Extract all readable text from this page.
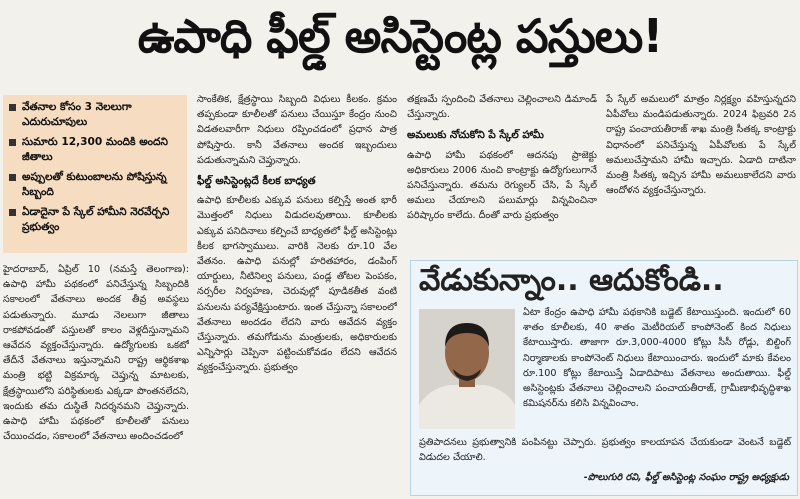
ఉపాధి ఫీల్డ్ అసిస్టెంట్ల పస్తులు!
వేతనాల కోసం 3 నెలలుగా ఎదురుచూపులు
సుమారు 12,300 మందికి అందని జీతాలు
అప్పులతో కుటుంబాలను పోషిస్తున్న సిబ్బంది
ఏడాదైనా పే స్కేల్ హామీని నెరవేర్చని ప్రభుత్వం

హైదరాబాద్, ఏప్రిల్ 10 (నమస్తే తెలంగాణ): ఉపాధి హామీ పథకంలో పనిచేస్తున్న సిబ్బందికి సకాలంలో వేతనాలు అందక తీవ్ర అవస్థలు పడుతున్నారు. మూడు నెలలుగా జీతాలు రాకపోవడంతో పస్తులతో కాలం వెళ్లదీస్తున్నామని ఆవేదన వ్యక్తంచేస్తున్నారు. ఉద్యోగులకు ఒకటో తేదీనే వేతనాలు ఇస్తున్నామని రాష్ట్ర ఆర్థికశాఖ మంత్రి భట్టి విక్రమార్క చెప్తున్న మాటలకు, క్షేత్రస్థాయిలోని పరిస్థితులకు ఎక్కడా పొంతనలేదని, ఇందుకు తమ దుస్థితే నిదర్శనమని చెప్తున్నారు. ఉపాధి హామీ పథకంలో కూలీలతో పనులు చేయించడం, సకాలంలో వేతనాలు అందించడంలో

సాంకేతిక, క్షేత్రస్థాయి సిబ్బంది విధులు కీలకం. క్రమం తప్పకుండా కూలీలతో పనులు చేయిస్తూ కేంద్రం నుంచి విడతలవారీగా నిధులు రప్పించడంలో ప్రధాన పాత్ర పోషిస్తారు. కానీ వేతనాలు అందక ఇబ్బందులు పడుతున్నామని చెప్తున్నారు.

ఫీల్డ్ అసిస్టెంట్లదే కీలక బాధ్యత

ఉపాధి కూలీలకు ఎక్కువ పనులు కల్పిస్తే అంత భారీ మొత్తంలో నిధులు విడుదలవుతాయి. కూలీలకు ఎక్కువ పనిదినాలు కల్పించే బాధ్యతలో ఫీల్డ్ అసిస్టెంట్లు కీలక భాగస్వాములు. వారికి నెలకు రూ.10 వేల వేతనం. ఉపాధి పనుల్లో హరితహారం, డంపింగ్ యార్డులు, నీటినిల్వ పనులు, పండ్ల తోటల పెంపకం, నర్సరీల నిర్వహణ, చెరువుల్లో పూడికతీత వంటి పనులను పర్యవేక్షిస్తుంటారు. ఇంత చేస్తున్నా సకాలంలో వేతనాలు అందడం లేదని వారు ఆవేదన వ్యక్తం చేస్తున్నారు. తమగోడును మంత్రులకు, అధికారులకు ఎన్నిసార్లు చెప్పినా పట్టించుకోవడం లేదని ఆవేదన వ్యక్తంచేస్తున్నారు. ప్రభుత్వం

తక్షణమే స్పందించి వేతనాలు చెల్లించాలని డిమాండ్ చేస్తున్నారు.

అమలుకు నోచుకోని పే స్కేల్ హామీ

ఉపాధి హామీ పథకంలో ఆదనపు ప్రాజెక్టు అధికారులు 2006 నుంచి కాంట్రాక్టు ఉద్యోగులుగానే పనిచేస్తున్నారు. తమను రెగ్యులర్ చేసి, పే స్కేల్ అమలు చేయాలని పలుమార్లు విన్నవించినా పరిష్కారం కాలేదు. దీంతో వారు ప్రభుత్వం

పే స్కేల్ అమలులో మాత్రం నిర్లక్ష్యం వహిస్తున్నదని ఏపీవోలు మండిపడుతున్నారు. 2024 ఫిబ్రవరి 2న రాష్ట్ర పంచాయతీరాజ్ శాఖ మంత్రి సీతక్క కాంట్రాక్టు విధానంలో పనిచేస్తున్న ఏపీవోలకు పే స్కేల్ అమలుచేస్తామని హామీ ఇచ్చారు. ఏడాది దాటినా మంత్రి సీతక్క ఇచ్చిన హామీ అమలుకాలేదని వారు ఆందోళన వ్యక్తంచేస్తున్నారు.

వేడుకున్నాం.. ఆదుకోండి..

ఏటా కేంద్రం ఉపాధి హామీ పథకానికి బడ్జెట్ కేటాయిస్తుంది. ఇందులో 60 శాతం కూలీలకు, 40 శాతం మెటీరియల్ కాంపోనెంట్ కింద నిధులు కేటాయిస్తారు. తాజాగా రూ.3,000-4000 కోట్లు సీసీ రోడ్లు, బిల్డింగ్ నిర్మాణాలకు కాంపోనెంట్ నిధులు కేటాయించారు. ఇందులో మాకు కేవలం రూ.100 కోట్లు కేటాయిస్తే ఏడాదిపాటు వేతనాలు అందుతాయి. ఫీల్డ్ అసిస్టెంట్లకు వేతనాలు చెల్లించాలని పంచాయతీరాజ్, గ్రామీణాభివృద్ధిశాఖ కమిషనర్‌ను కలిసి విన్నవించాం.

ప్రతిపాదనలు ప్రభుత్వానికి పంపినట్టు చెప్పారు. ప్రభుత్వం కాలయాపన చేయకుండా వెంటనే బడ్జెట్ విడుదల చేయాలి.

-పొలుగురి రవి, ఫీల్డ్ అసిస్టెంట్ల సంఘం రాష్ట్ర అధ్యక్షుడు
